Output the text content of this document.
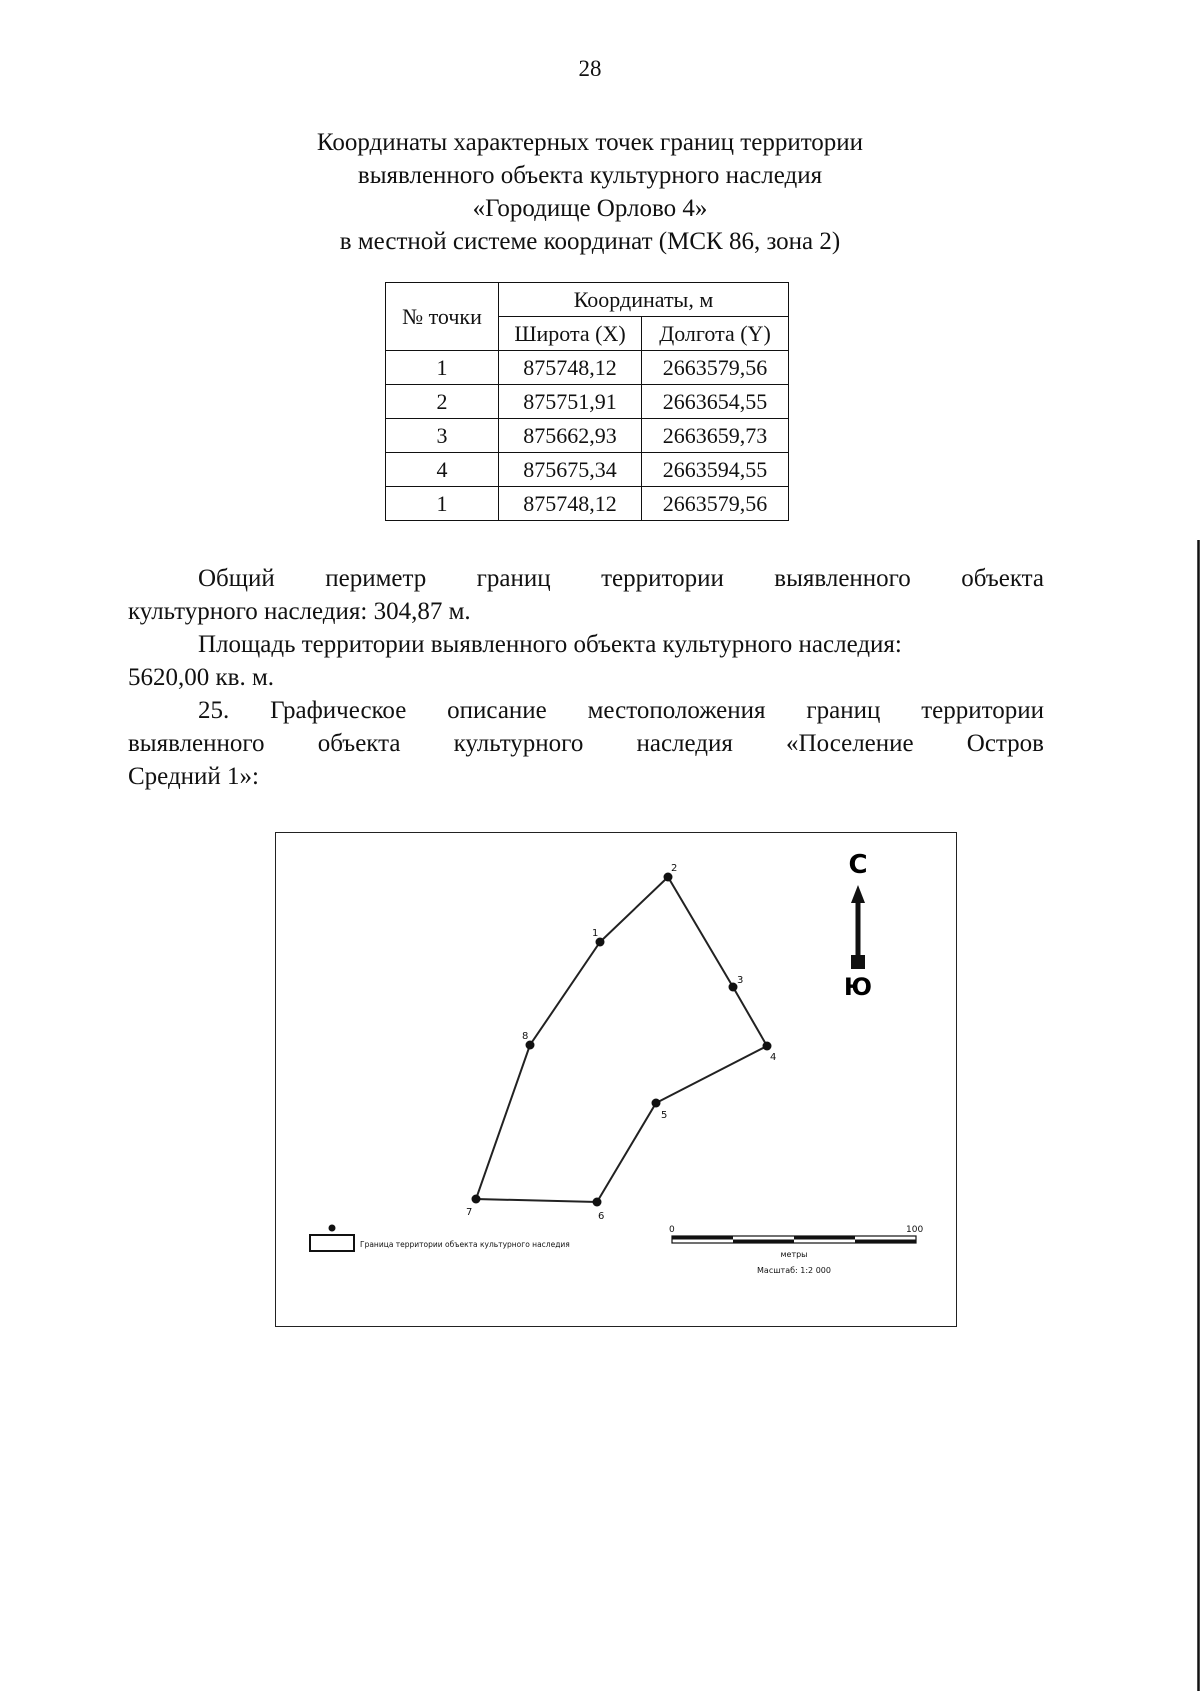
28
Координаты характерных точек границ территории
выявленного объекта культурного наследия
«Городище Орлово 4»
в местной системе координат (МСК 86, зона 2)
№ точки	Координаты, м	
	Широта (X)	Долгота (Y)
1	875748,12	2663579,56
2	875751,91	2663654,55
3	875662,93	2663659,73
4	875675,34	2663594,55
1	875748,12	2663579,56
Общий периметр границ территории выявленного объекта
культурного наследия: 304,87 м.
Площадь территории выявленного объекта культурного наследия:
5620,00 кв. м.
25. Графическое описание местоположения границ территории
выявленного объекта культурного наследия «Поселение Остров
Средний 1»:
1
2
3
4
5
6
7
8
С
Ю
Граница территории объекта культурного наследия
0	100
метры
Масштаб: 1:2 000
